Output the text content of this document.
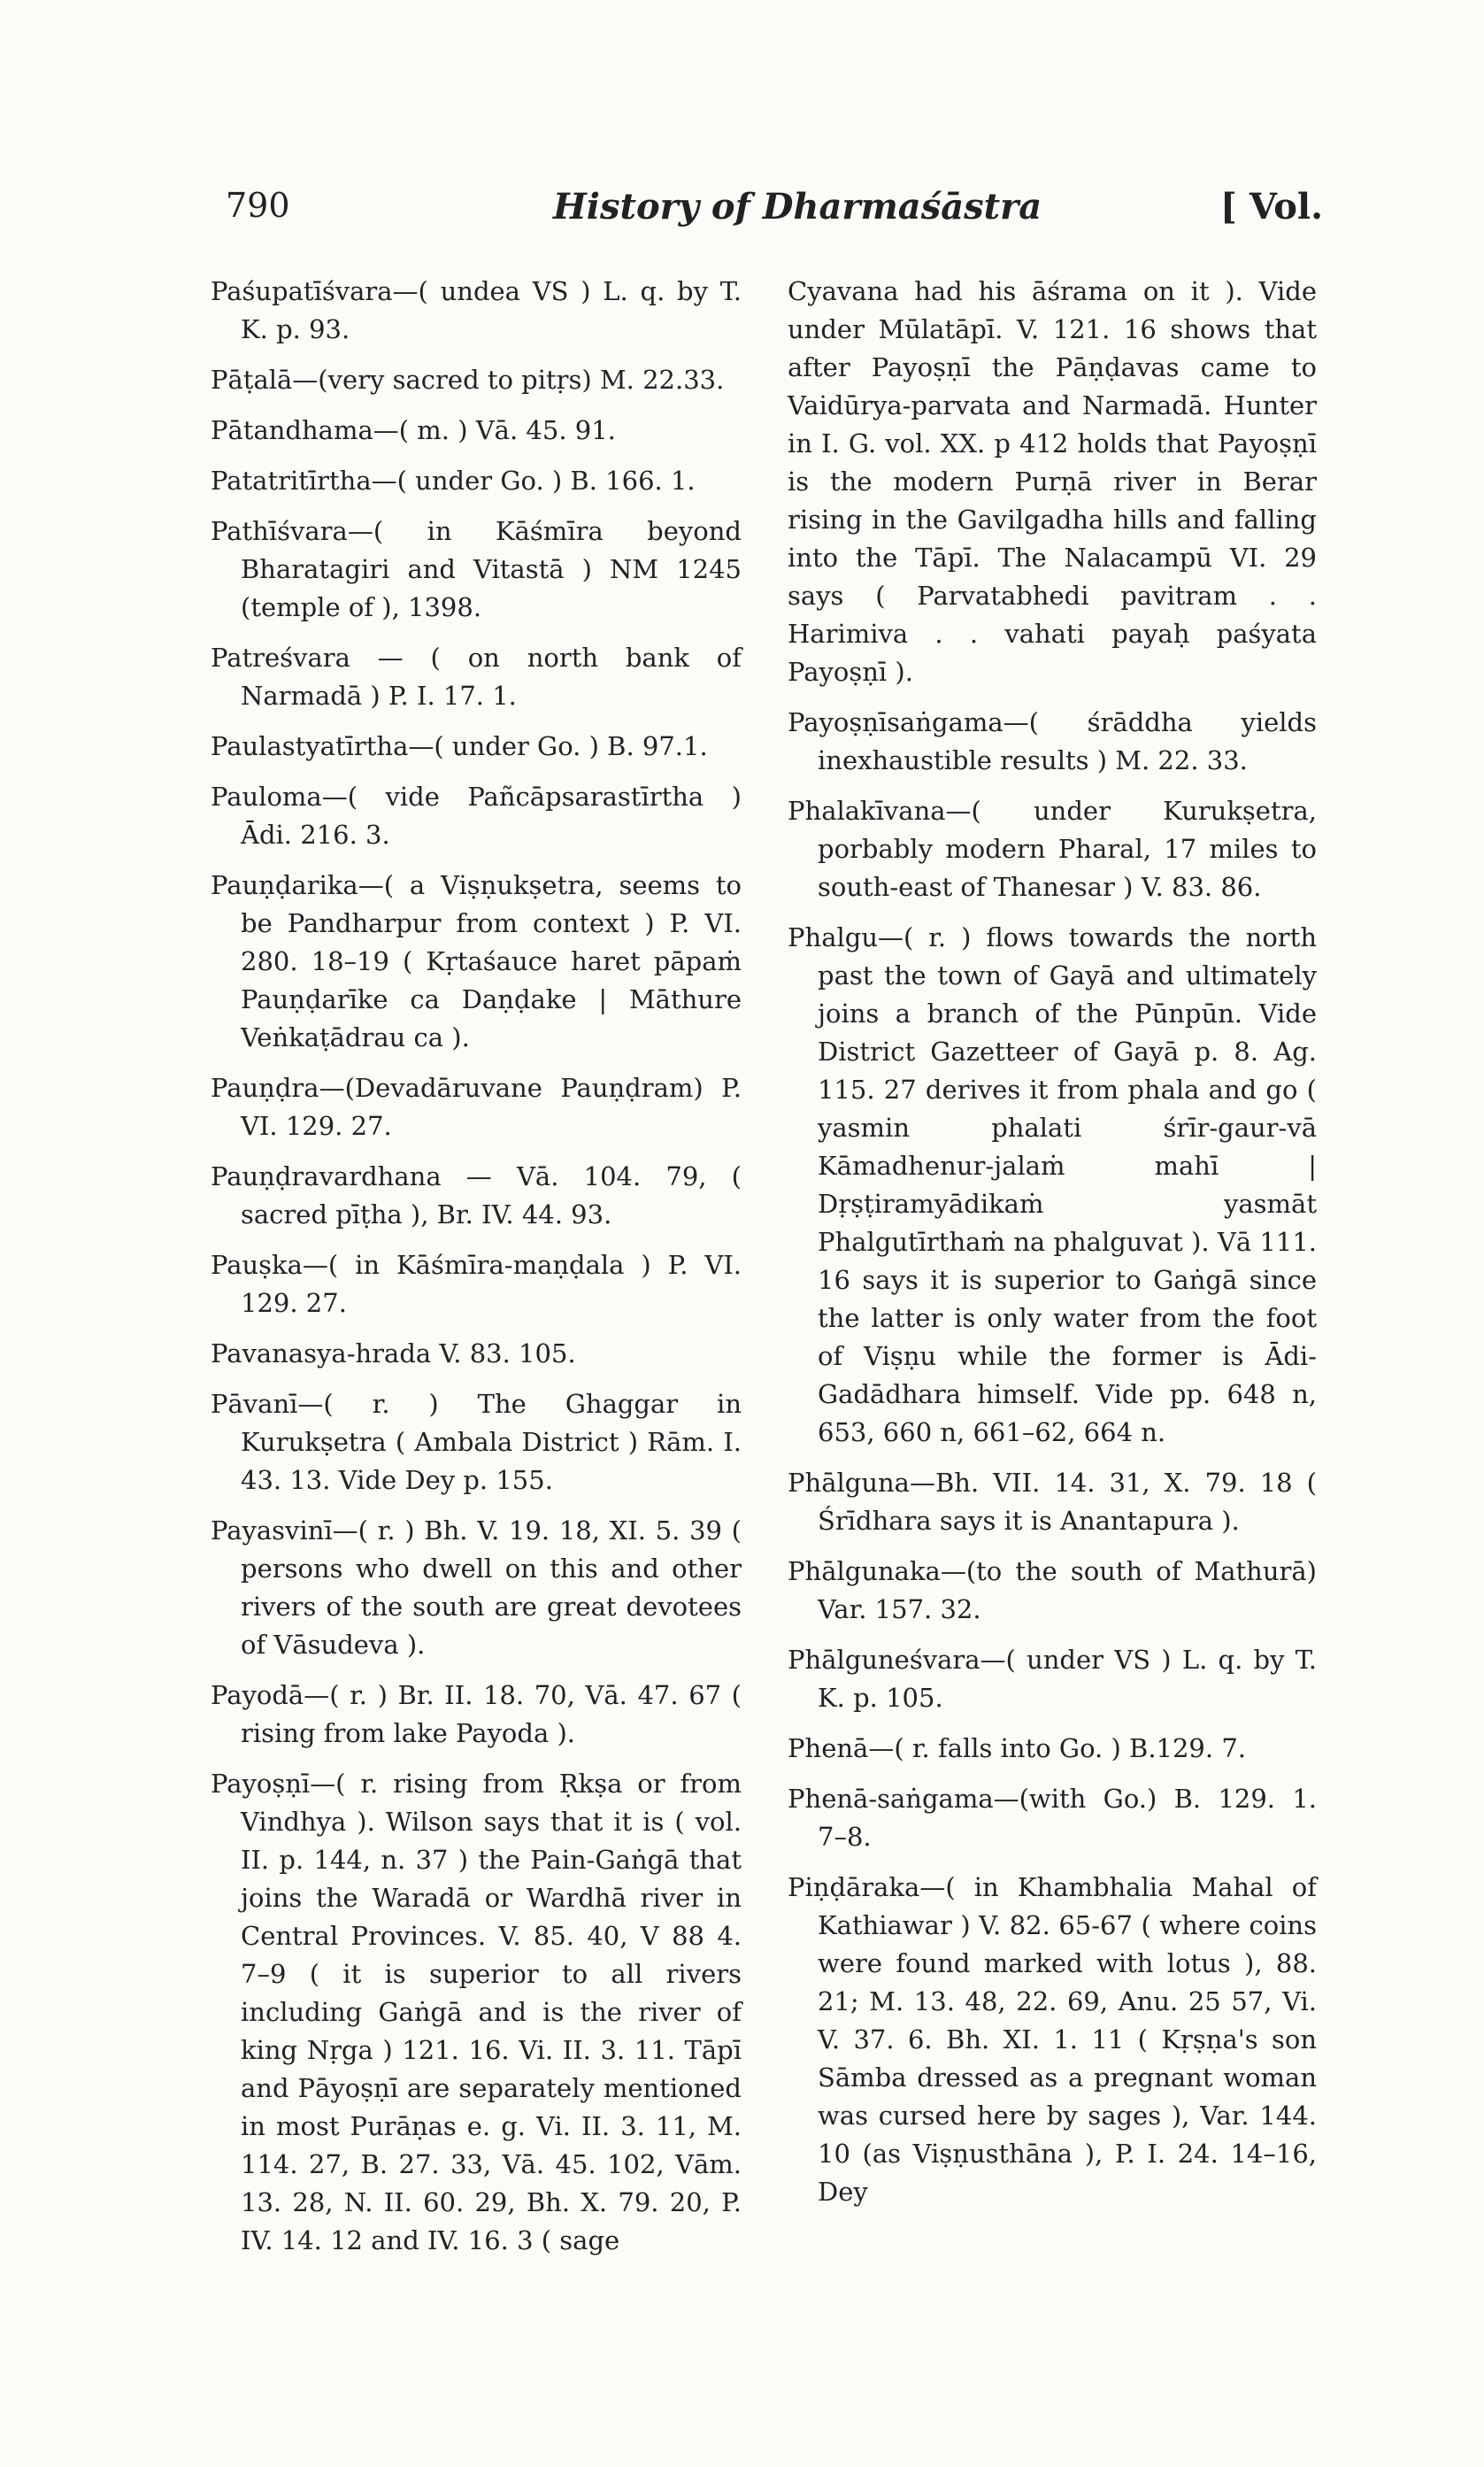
790	History of Dharmaśāstra	[ Vol.

Paśupatīśvara—( undea VS ) L. q. by T. K. p. 93.

Pāṭalā—(very sacred to pitṛs) M. 22.33.

Pātandhama—( m. ) Vā. 45. 91.

Patatritīrtha—( under Go. ) B. 166. 1.

Pathīśvara—( in Kāśmīra beyond Bharatagiri and Vitastā ) NM 1245 (temple of ), 1398.

Patreśvara — ( on north bank of Narmadā ) P. I. 17. 1.

Paulastyatīrtha—( under Go. ) B. 97.1.

Pauloma—( vide Pañcāpsarastīrtha ) Ādi. 216. 3.

Pauṇḍarika—( a Viṣṇukṣetra, seems to be Pandharpur from context ) P. VI. 280. 18–19 ( Kṛtaśauce haret pāpaṁ Pauṇḍarīke ca Daṇḍake | Māthure Veṅkaṭādrau ca ).

Pauṇḍra—(Devadāruvane Pauṇḍram) P. VI. 129. 27.

Pauṇḍravardhana — Vā. 104. 79, ( sacred pīṭha ), Br. IV. 44. 93.

Pauṣka—( in Kāśmīra-maṇḍala ) P. VI. 129. 27.

Pavanasya-hrada V. 83. 105.

Pāvanī—( r. ) The Ghaggar in Kurukṣetra ( Ambala District ) Rām. I. 43. 13. Vide Dey p. 155.

Payasvinī—( r. ) Bh. V. 19. 18, XI. 5. 39 ( persons who dwell on this and other rivers of the south are great devotees of Vāsudeva ).

Payodā—( r. ) Br. II. 18. 70, Vā. 47. 67 ( rising from lake Payoda ).

Payoṣṇī—( r. rising from Ṛkṣa or from Vindhya ). Wilson says that it is ( vol. II. p. 144, n. 37 ) the Pain-Gaṅgā that joins the Waradā or Wardhā river in Central Provinces. V. 85. 40, V 88 4. 7–9 ( it is superior to all rivers including Gaṅgā and is the river of king Nṛga ) 121. 16. Vi. II. 3. 11. Tāpī and Pāyoṣṇī are separately mentioned in most Purāṇas e. g. Vi. II. 3. 11, M. 114. 27, B. 27. 33, Vā. 45. 102, Vām. 13. 28, N. II. 60. 29, Bh. X. 79. 20, P. IV. 14. 12 and IV. 16. 3 ( sage

Cyavana had his āśrama on it ). Vide under Mūlatāpī. V. 121. 16 shows that after Payoṣṇī the Pāṇḍavas came to Vaidūrya-parvata and Narmadā. Hunter in I. G. vol. XX. p 412 holds that Payoṣṇī is the modern Purṇā river in Berar rising in the Gavilgadha hills and falling into the Tāpī. The Nalacampū VI. 29 says ( Parvatabhedi pavitram . . Harimiva . . vahati payaḥ paśyata Payoṣṇī ).

Payoṣṇīsaṅgama—( śrāddha yields inexhaustible results ) M. 22. 33.

Phalakīvana—( under Kurukṣetra, porbably modern Pharal, 17 miles to south-east of Thanesar ) V. 83. 86.

Phalgu—( r. ) flows towards the north past the town of Gayā and ultimately joins a branch of the Pūnpūn. Vide District Gazetteer of Gayā p. 8. Ag. 115. 27 derives it from phala and go ( yasmin phalati śrīr-gaur-vā Kāmadhenur-jalaṁ mahī | Dṛṣṭiramyādikaṁ yasmāt Phalgutīrthaṁ na phalguvat ). Vā 111. 16 says it is superior to Gaṅgā since the latter is only water from the foot of Viṣṇu while the former is Ādi-Gadādhara himself. Vide pp. 648 n, 653, 660 n, 661–62, 664 n.

Phālguna—Bh. VII. 14. 31, X. 79. 18 ( Śrīdhara says it is Anantapura ).

Phālgunaka—(to the south of Mathurā) Var. 157. 32.

Phālguneśvara—( under VS ) L. q. by T. K. p. 105.

Phenā—( r. falls into Go. ) B.129. 7.

Phenā-saṅgama—(with Go.) B. 129. 1. 7–8.

Piṇḍāraka—( in Khambhalia Mahal of Kathiawar ) V. 82. 65-67 ( where coins were found marked with lotus ), 88. 21; M. 13. 48, 22. 69, Anu. 25 57, Vi. V. 37. 6. Bh. XI. 1. 11 ( Kṛṣṇa's son Sāmba dressed as a pregnant woman was cursed here by sages ), Var. 144. 10 (as Viṣṇusthāna ), P. I. 24. 14–16, Dey
